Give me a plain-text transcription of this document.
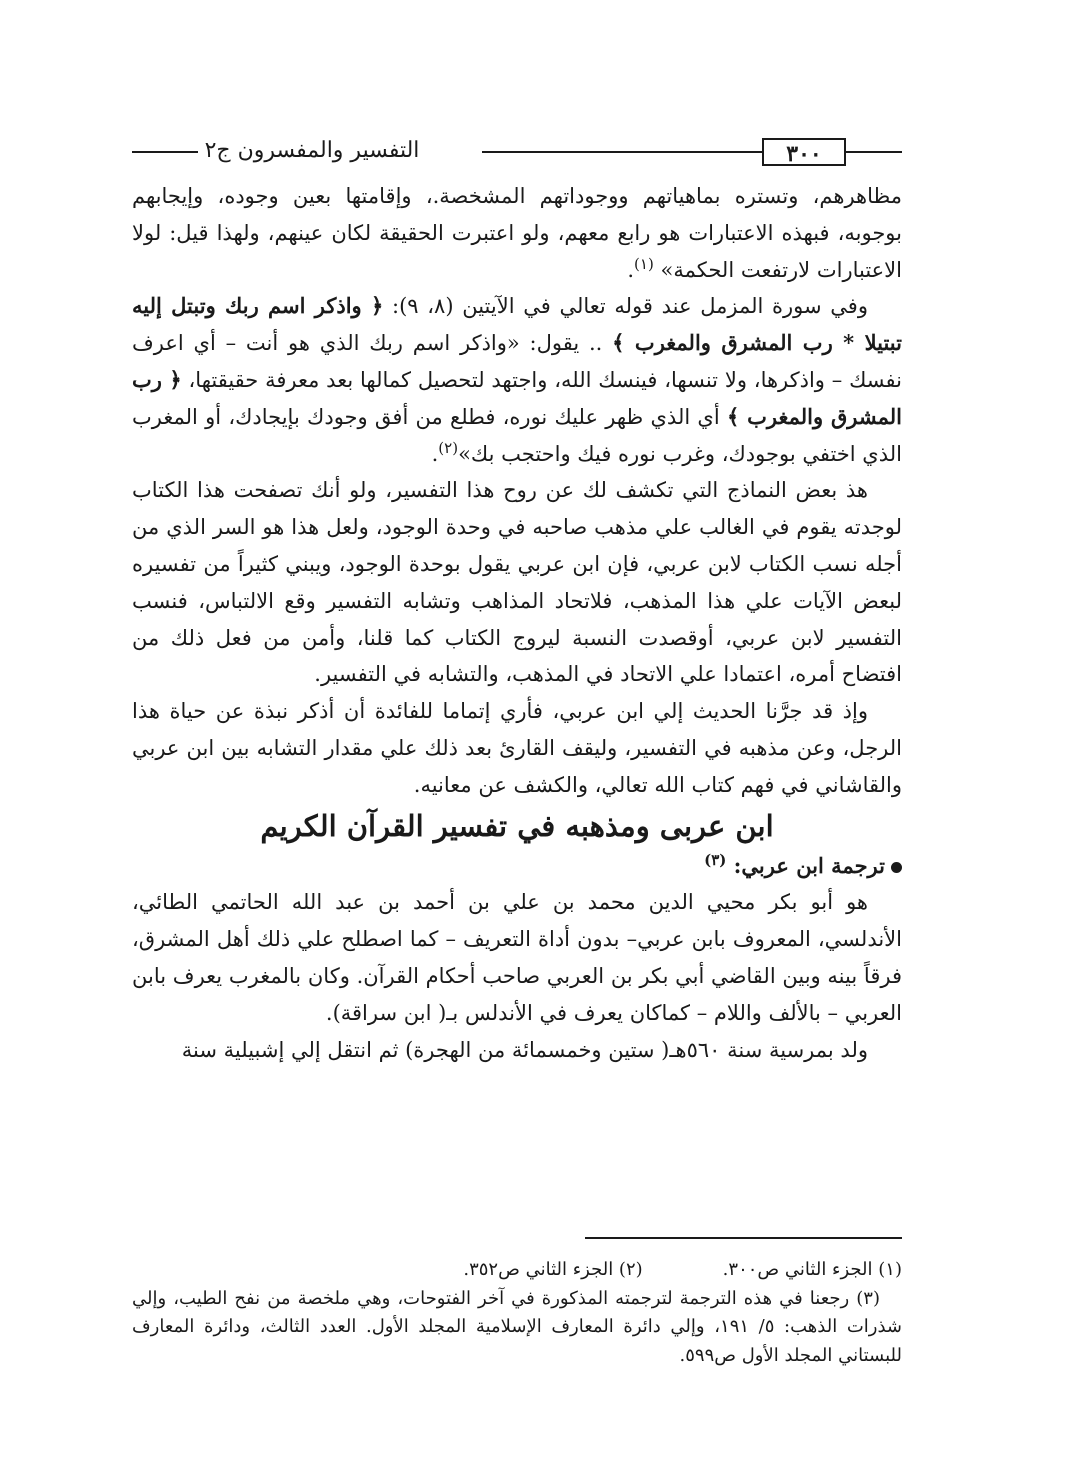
٣٠٠
التفسير والمفسرون ج٢

مظاهرهم، وتستره بماهياتهم ووجوداتهم المشخصة.، وإقامتها بعين وجوده، وإيجابهم بوجوبه، فبهذه الاعتبارات هو رابع معهم، ولو اعتبرت الحقيقة لكان عينهم، ولهذا قيل: لولا الاعتبارات لارتفعت الحكمة» $^{(١)}$.

وفي سورة المزمل عند قوله تعالي في الآيتين (٨، ٩): ﴿ واذكر اسم ربك وتبتل إليه تبتيلا * رب المشرق والمغرب ﴾ .. يقول: «واذكر اسم ربك الذي هو أنت – أي اعرف نفسك – واذكرها، ولا تنسها، فينسك الله، واجتهد لتحصيل كمالها بعد معرفة حقيقتها، ﴿ رب المشرق والمغرب ﴾ أي الذي ظهر عليك نوره، فطلع من أفق وجودك بإيجادك، أو المغرب الذي اختفي بوجودك، وغرب نوره فيك واحتجب بك»$^{(٢)}$.

هذ بعض النماذج التي تكشف لك عن روح هذا التفسير، ولو أنك تصفحت هذا الكتاب لوجدته يقوم في الغالب علي مذهب صاحبه في وحدة الوجود، ولعل هذا هو السر الذي من أجله نسب الكتاب لابن عربي، فإن ابن عربي يقول بوحدة الوجود، ويبني كثيراً من تفسيره لبعض الآيات علي هذا المذهب، فلاتحاد المذاهب وتشابه التفسير وقع الالتباس، فنسب التفسير لابن عربي، أوقصدت النسبة ليروج الكتاب كما قلنا، وأمن من فعل ذلك من افتضاح أمره، اعتمادا علي الاتحاد في المذهب، والتشابه في التفسير.

وإذ قد جرَّنا الحديث إلي ابن عربي، فأري إتماما للفائدة أن أذكر نبذة عن حياة هذا الرجل، وعن مذهبه في التفسير، وليقف القارئ بعد ذلك علي مقدار التشابه بين ابن عربي والقاشاني في فهم كتاب الله تعالي، والكشف عن معانيه.

ابن عربى ومذهبه في تفسير القرآن الكريم

ترجمة ابن عربي: $^{(٣)}$

هو أبو بكر محيي الدين محمد بن علي بن أحمد بن عبد الله الحاتمي الطائي، الأندلسي، المعروف بابن عربي– بدون أداة التعريف – كما اصطلح علي ذلك أهل المشرق، فرقاً بينه وبين القاضي أبي بكر بن العربي صاحب أحكام القرآن. وكان بالمغرب يعرف بابن العربي – بالألف واللام – كماكان يعرف في الأندلس بـ( ابن سراقة).

ولد بمرسية سنة ٥٦٠هـ( ستين وخمسمائة من الهجرة) ثم انتقل إلي إشبيلية سنة

(١) الجزء الثاني ص٣٠٠.(٢) الجزء الثاني ص٣٥٢.

(٣) رجعنا في هذه الترجمة لترجمته المذكورة في آخر الفتوحات، وهي ملخصة من نفح الطيب، وإلي شذرات الذهب: ٥/ ١٩١، وإلي دائرة المعارف الإسلامية المجلد الأول. العدد الثالث، ودائرة المعارف للبستاني المجلد الأول ص٥٩٩.
